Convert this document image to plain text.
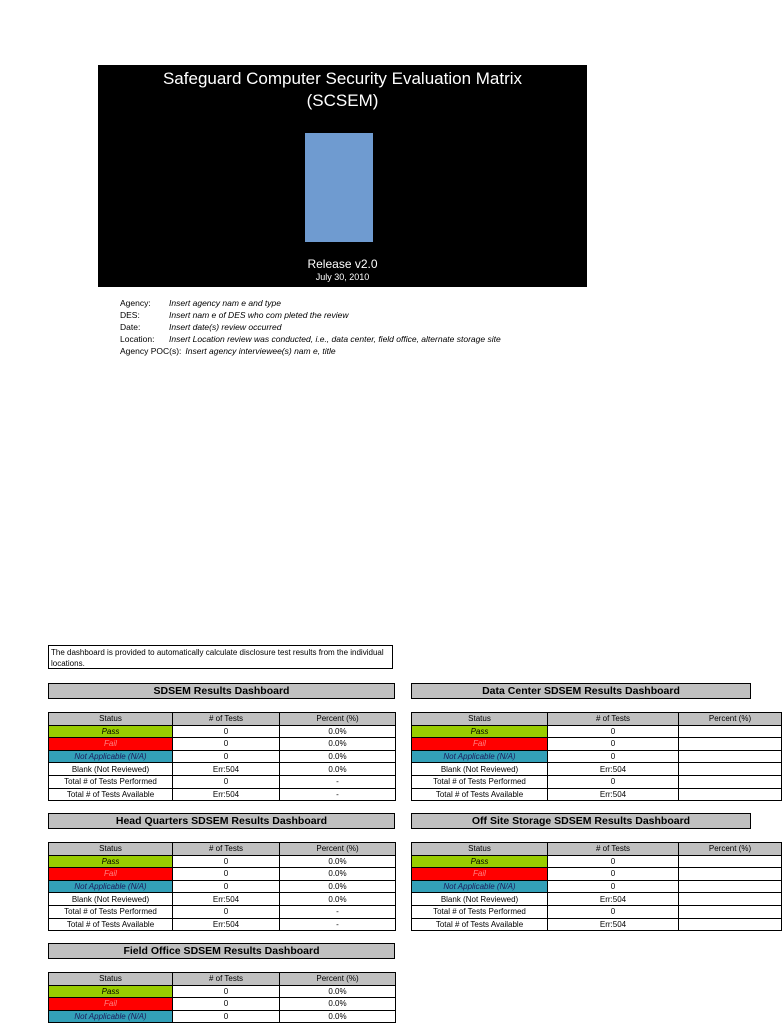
Safeguard Computer Security Evaluation Matrix
(SCSEM)
Release v2.0
July 30, 2010
Agency: Insert agency nam e and type
DES:	Insert nam e of DES who com pleted the review
Date:	Insert date(s) review occurred
Location: Insert Location review was conducted, i.e., data center, field office, alternate storage site
Agency POC(s): Insert agency interviewee(s) nam e, title
The dashboard is provided to automatically calculate disclosure test results from the individual locations.
SDSEM Results Dashboard	Data Center SDSEM Results Dashboard
Head Quarters SDSEM Results Dashboard	Off Site Storage SDSEM Results Dashboard
Field Office SDSEM Results Dashboard
Status	# of Tests	Percent (%)
Pass	0	0.0%
Fail	0	0.0%
Not Applicable (N/A)	0	0.0%
Blank (Not Reviewed)	Err:504	0.0%
Total # of Tests Performed	0	-
Total # of Tests Available	Err:504	-
Status	# of Tests	Percent (%)
Pass	0	
Fail	0	
Not Applicable (N/A)	0	
Blank (Not Reviewed)	Err:504	
Total # of Tests Performed	0	
Total # of Tests Available	Err:504	
Status	# of Tests	Percent (%)
Pass	0	0.0%
Fail	0	0.0%
Not Applicable (N/A)	0	0.0%
Blank (Not Reviewed)	Err:504	0.0%
Total # of Tests Performed	0	-
Total # of Tests Available	Err:504	-
Status	# of Tests	Percent (%)
Pass	0	
Fail	0	
Not Applicable (N/A)	0	
Blank (Not Reviewed)	Err:504	
Total # of Tests Performed	0	
Total # of Tests Available	Err:504	
Status	# of Tests	Percent (%)
Pass	0	0.0%
Fail	0	0.0%
Not Applicable (N/A)	0	0.0%
